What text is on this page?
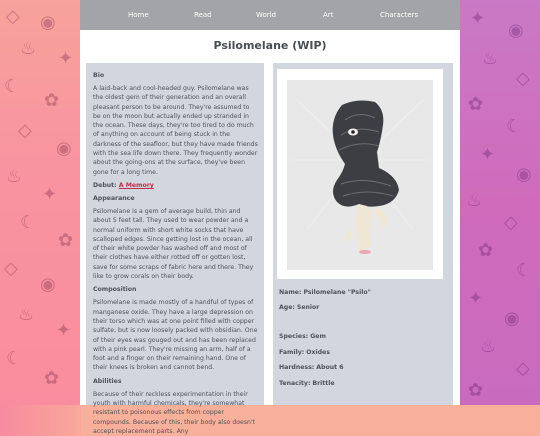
◇ ◉
♨ ✦
☾
✿
◇
◉
♨
✦
☾
✿
◇
◉
♨
✦
☾
✿
✦
◉
♨
◇
✿
☾
✦
◉
♨
◇
✿
☾
✦
◉
♨
◇
✿
Home	Read	World	Art	Characters
Psilomelane (WIP)
Bio

A laid-back and cool-headed guy. Psilomelane was the oldest gem of their generation and an overall pleasant person to be around. They're assumed to be on the moon but actually ended up stranded in the ocean. These days, they're too tired to do much of anything on account of being stuck in the darkness of the seafloor, but they have made friends with the sea life down there. They frequently wonder about the going-ons at the surface, they've been gone for a long time.

Debut: A Memory
Appearance

Psilomelane is a gem of average build, thin and about 5 feet tall. They used to wear powder and a normal uniform with short white socks that have scalloped edges. Since getting lost in the ocean, all of their white powder has washed off and most of their clothes have either rotted off or gotten lost, save for some scraps of fabric here and there. They like to grow corals on their body.

Composition

Psilomelane is made mostly of a handful of types of manganese oxide. They have a large depression on their torso which was at one point filled with copper sulfate, but is now loosely packed with obsidian. One of their eyes was gouged out and has been replaced with a pink pearl. They're missing an arm, half of a foot and a finger on their remaining hand. One of their knees is broken and cannot bend.

Abilities

Because of their reckless experimentation in their youth with harmful chemicals, they're somewhat resistant to poisonous effects from copper compounds. Because of this, their body also doesn't accept replacement parts. Any

Name: Psilomelane "Psilo"
Age: Senior
Species: Gem
Family: Oxides
Hardness: About 6
Tenacity: Brittle
